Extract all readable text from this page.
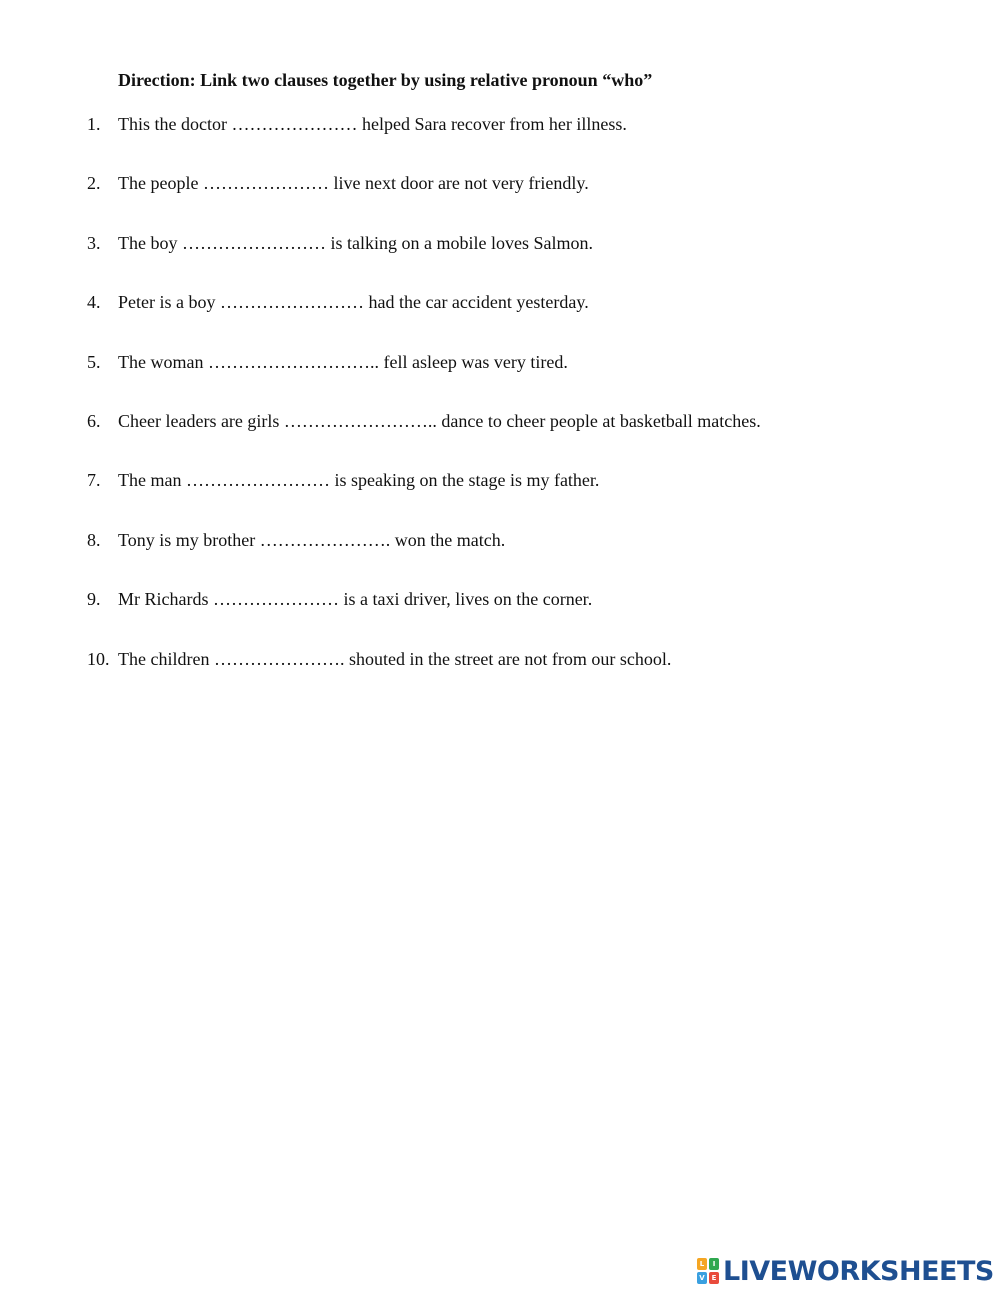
Direction: Link two clauses together by using relative pronoun “who”
1. This the doctor ………………… helped Sara recover from her illness.
2. The people ………………… live next door are not very friendly.
3. The boy …………………… is talking on a mobile loves Salmon.
4. Peter is a boy …………………… had the car accident yesterday.
5. The woman ……………………….. fell asleep was very tired.
6. Cheer leaders are girls …………………….. dance to cheer people at basketball matches.
7. The man …………………… is speaking on the stage is my father.
8. Tony is my brother …………………. won the match.
9. Mr Richards ………………… is a taxi driver, lives on the corner.
10. The children …………………. shouted in the street are not from our school.
L	I
V E LIVEWORKSHEETS
